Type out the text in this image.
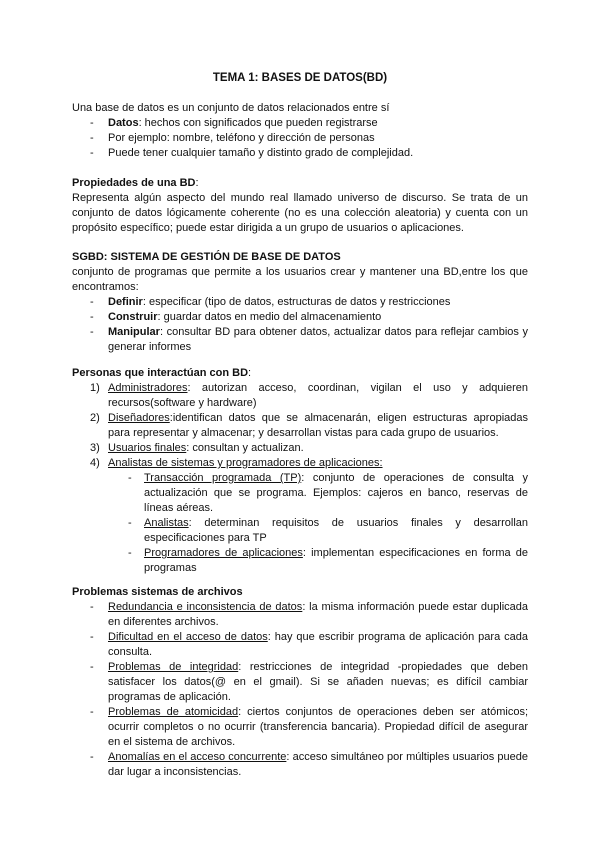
TEMA 1: BASES DE DATOS(BD)
Una base de datos es un conjunto de datos relacionados entre sí
- Datos: hechos con significados que pueden registrarse
- Por ejemplo: nombre, teléfono y dirección de personas
- Puede tener cualquier tamaño y distinto grado de complejidad.
Propiedades de una BD:
Representa algún aspecto del mundo real llamado universo de discurso. Se trata de un conjunto de datos lógicamente coherente (no es una colección aleatoria) y cuenta con un propósito específico; puede estar dirigida a un grupo de usuarios o aplicaciones.
SGBD: SISTEMA DE GESTIÓN DE BASE DE DATOS
conjunto de programas que permite a los usuarios crear y mantener una BD,entre los que encontramos:
- Definir: especificar (tipo de datos, estructuras de datos y restricciones
- Construir: guardar datos en medio del almacenamiento
- Manipular: consultar BD para obtener datos, actualizar datos para reflejar cambios y generar informes
Personas que interactúan con BD:
1) Administradores: autorizan acceso, coordinan, vigilan el uso y adquieren recursos(software y hardware)
2) Diseñadores:identifican datos que se almacenarán, eligen estructuras apropiadas para representar y almacenar; y desarrollan vistas para cada grupo de usuarios.
3) Usuarios finales: consultan y actualizan.
4) Analistas de sistemas y programadores de aplicaciones:
- Transacción programada (TP): conjunto de operaciones de consulta y actualización que se programa. Ejemplos: cajeros en banco, reservas de líneas aéreas.
- Analistas: determinan requisitos de usuarios finales y desarrollan especificaciones para TP
- Programadores de aplicaciones: implementan especificaciones en forma de programas
Problemas sistemas de archivos
- Redundancia e inconsistencia de datos: la misma información puede estar duplicada en diferentes archivos.
- Dificultad en el acceso de datos: hay que escribir programa de aplicación para cada consulta.
- Problemas de integridad: restricciones de integridad -propiedades que deben satisfacer los datos(@ en el gmail). Si se añaden nuevas; es difícil cambiar programas de aplicación.
- Problemas de atomicidad: ciertos conjuntos de operaciones deben ser atómicos; ocurrir completos o no ocurrir (transferencia bancaria). Propiedad difícil de asegurar en el sistema de archivos.
- Anomalías en el acceso concurrente: acceso simultáneo por múltiples usuarios puede dar lugar a inconsistencias.
